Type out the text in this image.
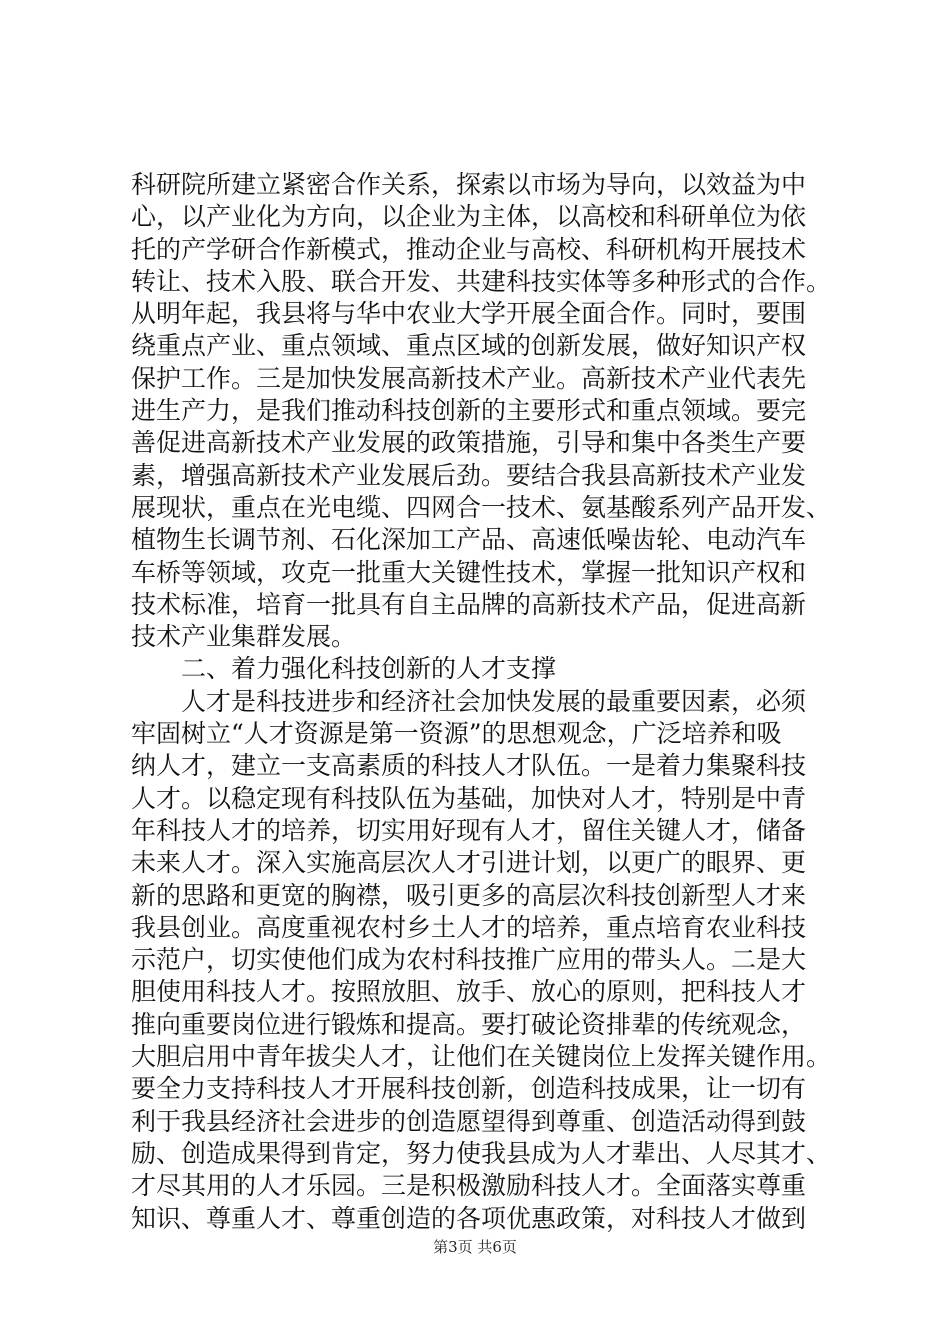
科研院所建立紧密合作关系，探索以市场为导向，以效益为中
心，以产业化为方向，以企业为主体，以高校和科研单位为依
托的产学研合作新模式，推动企业与高校、科研机构开展技术
转让、技术入股、联合开发、共建科技实体等多种形式的合作。
从明年起，我县将与华中农业大学开展全面合作。同时，要围
绕重点产业、重点领域、重点区域的创新发展，做好知识产权
保护工作。三是加快发展高新技术产业。高新技术产业代表先
进生产力，是我们推动科技创新的主要形式和重点领域。要完
善促进高新技术产业发展的政策措施，引导和集中各类生产要
素，增强高新技术产业发展后劲。要结合我县高新技术产业发
展现状，重点在光电缆、四网合一技术、氨基酸系列产品开发、
植物生长调节剂、石化深加工产品、高速低噪齿轮、电动汽车
车桥等领域，攻克一批重大关键性技术，掌握一批知识产权和
技术标准，培育一批具有自主品牌的高新技术产品，促进高新
技术产业集群发展。
　　二、着力强化科技创新的人才支撑
　　人才是科技进步和经济社会加快发展的最重要因素，必须
牢固树立“人才资源是第一资源”的思想观念，广泛培养和吸
纳人才，建立一支高素质的科技人才队伍。一是着力集聚科技
人才。以稳定现有科技队伍为基础，加快对人才，特别是中青
年科技人才的培养，切实用好现有人才，留住关键人才，储备
未来人才。深入实施高层次人才引进计划，以更广的眼界、更
新的思路和更宽的胸襟，吸引更多的高层次科技创新型人才来
我县创业。高度重视农村乡土人才的培养，重点培育农业科技
示范户，切实使他们成为农村科技推广应用的带头人。二是大
胆使用科技人才。按照放胆、放手、放心的原则，把科技人才
推向重要岗位进行锻炼和提高。要打破论资排辈的传统观念，
大胆启用中青年拔尖人才，让他们在关键岗位上发挥关键作用。
要全力支持科技人才开展科技创新，创造科技成果，让一切有
利于我县经济社会进步的创造愿望得到尊重、创造活动得到鼓
励、创造成果得到肯定，努力使我县成为人才辈出、人尽其才、
才尽其用的人才乐园。三是积极激励科技人才。全面落实尊重
知识、尊重人才、尊重创造的各项优惠政策，对科技人才做到
第3页 共6页
